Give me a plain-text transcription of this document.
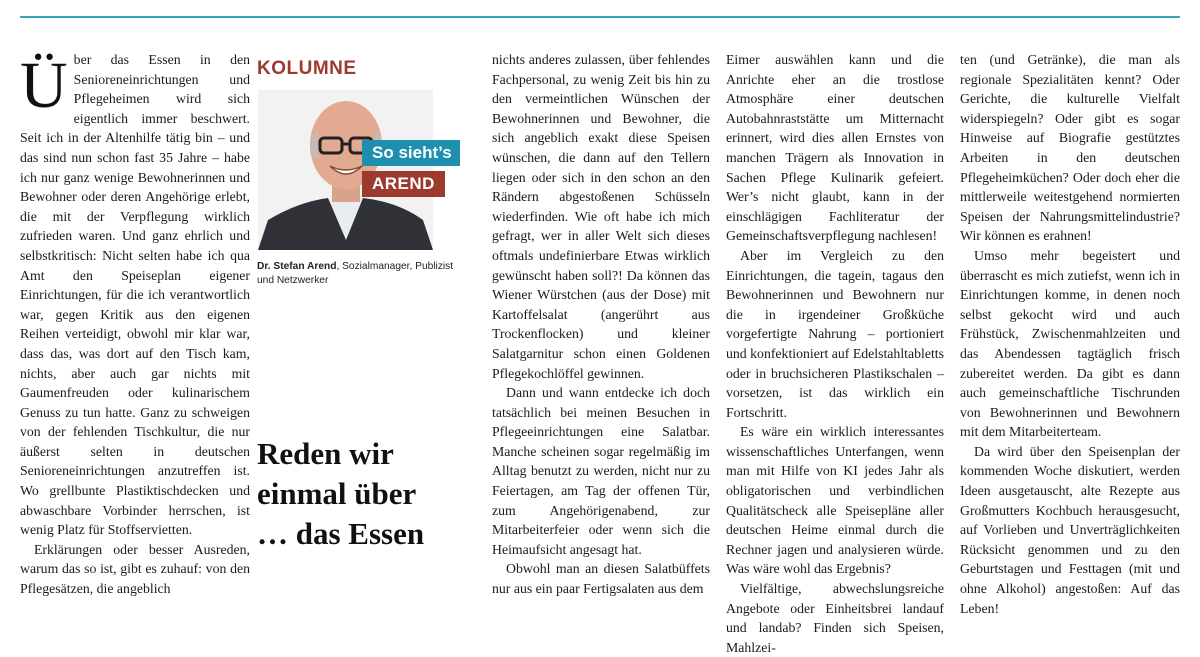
Ü ber das Essen in den Senioreneinrichtungen und Pflegeheimen wird sich eigentlich immer beschwert. Seit ich in der Altenhilfe tätig bin – und das sind nun schon fast 35 Jahre – habe ich nur ganz wenige Bewohnerinnen und Bewohner oder deren Angehörige erlebt, die mit der Verpflegung wirklich zufrieden waren. Und ganz ehrlich und selbstkritisch: Nicht selten habe ich qua Amt den Speiseplan eigener Einrichtungen, für die ich verantwortlich war, gegen Kritik aus den eigenen Reihen verteidigt, obwohl mir klar war, dass das, was dort auf den Tisch kam, nichts, aber auch gar nichts mit Gaumenfreuden oder kulinarischem Genuss zu tun hatte. Ganz zu schweigen von der fehlenden Tischkultur, die nur äußerst selten in deutschen Senioreneinrichtungen anzutreffen ist. Wo grellbunte Plastiktischdecken und abwaschbare Vorbinder herrschen, ist wenig Platz für Stoffservietten.

Erklärungen oder besser Ausreden, warum das so ist, gibt es zuhauf: von den Pflegesätzen, die angeblich

KOLUMNE
So sieht’s
AREND
Dr. Stefan Arend, Sozialmanager, Publizist und Netzwerker
Reden wir
einmal über
… das Essen

nichts anderes zulassen, über fehlendes Fachpersonal, zu wenig Zeit bis hin zu den vermeintlichen Wünschen der Bewohnerinnen und Bewohner, die sich angeblich exakt diese Speisen wünschen, die dann auf den Tellern liegen oder sich in den schon an den Rändern abgestoßenen Schüsseln wiederfinden. Wie oft habe ich mich gefragt, wer in aller Welt sich dieses oftmals undefinierbare Etwas wirklich gewünscht haben soll?! Da können das Wiener Würstchen (aus der Dose) mit Kartoffelsalat (angerührt aus Trockenflocken) und kleiner Salatgarnitur schon einen Goldenen Pflegekochlöffel gewinnen.

Dann und wann entdecke ich doch tatsächlich bei meinen Besuchen in Pflegeeinrichtungen eine Salatbar. Manche scheinen sogar regelmäßig im Alltag benutzt zu werden, nicht nur zu Feiertagen, am Tag der offenen Tür, zum Angehörigenabend, zur Mitarbeiterfeier oder wenn sich die Heimaufsicht angesagt hat.

Obwohl man an diesen Salatbüffets nur aus ein paar Fertigsalaten aus dem

Eimer auswählen kann und die Anrichte eher an die trostlose Atmosphäre einer deutschen Autobahnraststätte um Mitternacht erinnert, wird dies allen Ernstes von manchen Trägern als Innovation in Sachen Pflege Kulinarik gefeiert. Wer’s nicht glaubt, kann in der einschlägigen Fachliteratur der Gemeinschaftsverpflegung nachlesen!

Aber im Vergleich zu den Einrichtungen, die tagein, tagaus den Bewohnerinnen und Bewohnern nur die in irgendeiner Großküche vorgefertigte Nahrung – portioniert und konfektioniert auf Edelstahltabletts oder in bruchsicheren Plastikschalen – vorsetzen, ist das wirklich ein Fortschritt.

Es wäre ein wirklich interessantes wissenschaftliches Unterfangen, wenn man mit Hilfe von KI jedes Jahr als obligatorischen und verbindlichen Qualitätscheck alle Speisepläne aller deutschen Heime einmal durch die Rechner jagen und analysieren würde. Was wäre wohl das Ergebnis?

Vielfältige, abwechslungsreiche Angebote oder Einheitsbrei landauf und landab? Finden sich Speisen, Mahlzei-

ten (und Getränke), die man als regionale Spezialitäten kennt? Oder Gerichte, die kulturelle Vielfalt widerspiegeln? Oder gibt es sogar Hinweise auf Biografie gestütztes Arbeiten in den deutschen Pflegeheimküchen? Oder doch eher die mittlerweile weitestgehend normierten Speisen der Nahrungsmittelindustrie? Wir können es erahnen!

Umso mehr begeistert und überrascht es mich zutiefst, wenn ich in Einrichtungen komme, in denen noch selbst gekocht wird und auch Frühstück, Zwischenmahlzeiten und das Abendessen tagtäglich frisch zubereitet werden. Da gibt es dann auch gemeinschaftliche Tischrunden von Bewohnerinnen und Bewohnern mit dem Mitarbeiterteam.

Da wird über den Speisenplan der kommenden Woche diskutiert, werden Ideen ausgetauscht, alte Rezepte aus Großmutters Kochbuch herausgesucht, auf Vorlieben und Unverträglichkeiten Rücksicht genommen und zu den Geburtstagen und Festtagen (mit und ohne Alkohol) angestoßen: Auf das Leben!
